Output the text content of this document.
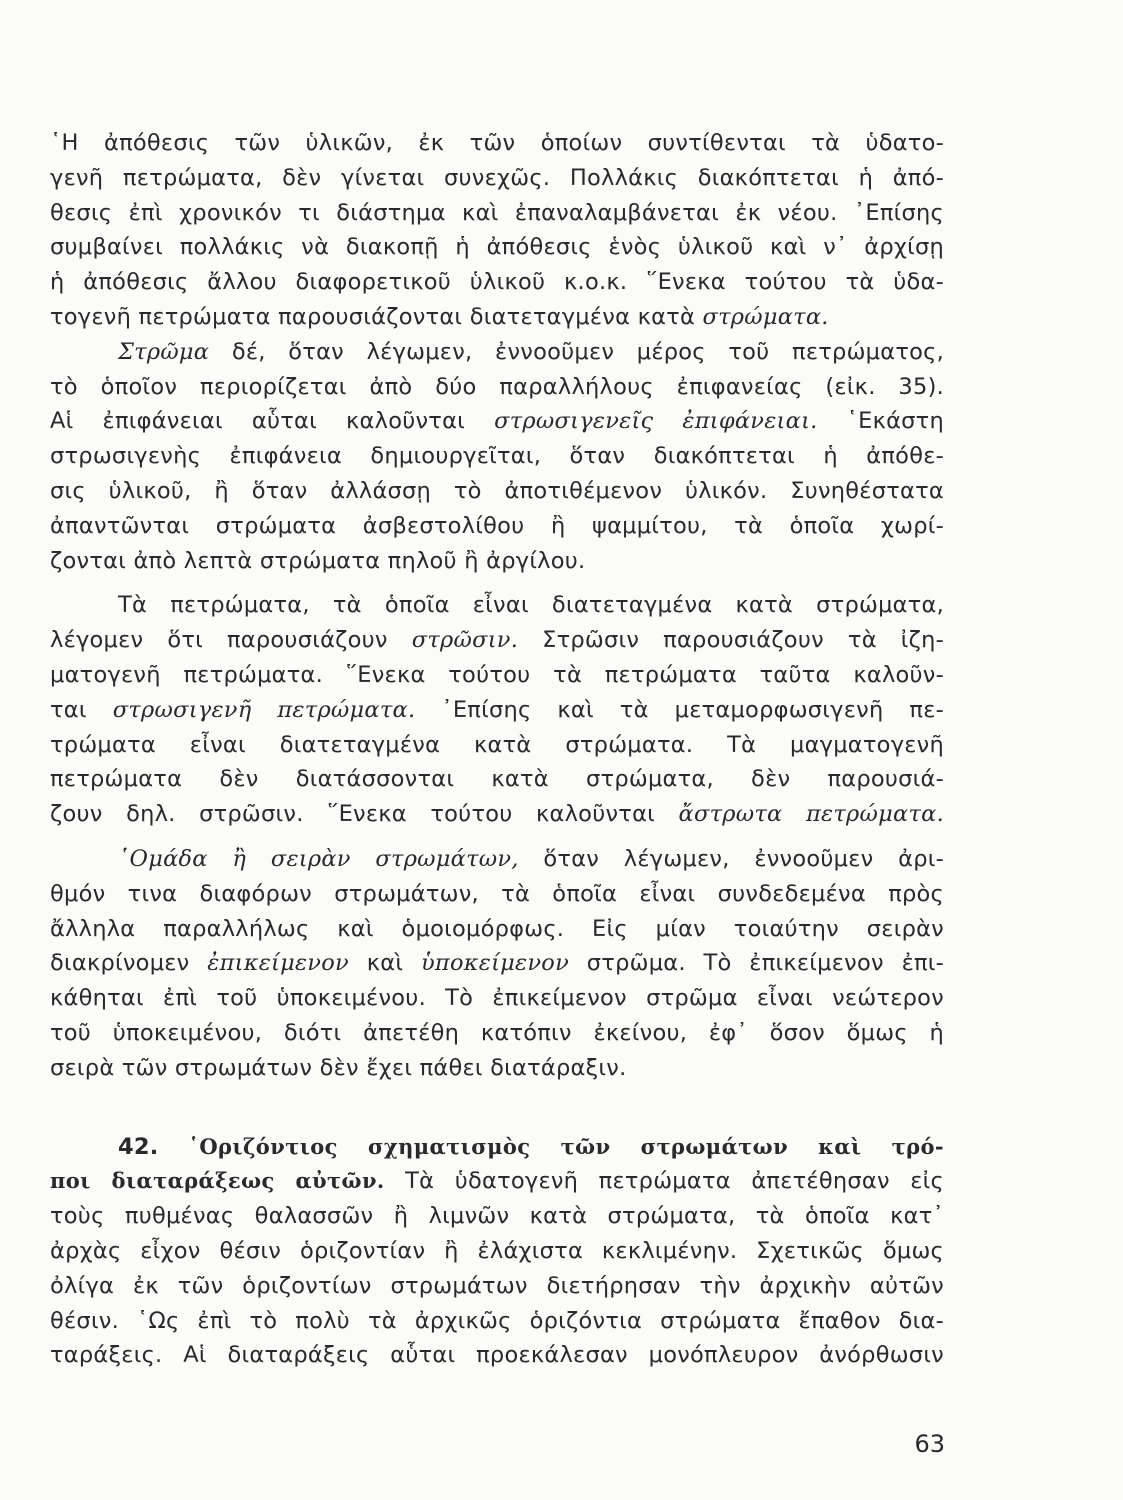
῾Η ἀπόθεσις τῶν ὑλικῶν, ἐκ τῶν ὁποίων συντίθενται τὰ ὑδατο-
γενῆ πετρώματα, δὲν γίνεται συνεχῶς. Πολλάκις διακόπτεται ἡ ἀπό-
θεσις ἐπὶ χρονικόν τι διάστημα καὶ ἐπαναλαμβάνεται ἐκ νέου. ᾿Επίσης
συμβαίνει πολλάκις νὰ διακοπῇ ἡ ἀπόθεσις ἑνὸς ὑλικοῦ καὶ ν᾿ ἀρχίσῃ
ἡ ἀπόθεσις ἄλλου διαφορετικοῦ ὑλικοῦ κ.ο.κ. ῞Ενεκα τούτου τὰ ὑδα-
τογενῆ πετρώματα παρουσιάζονται διατεταγμένα κατὰ στρώματα.
Στρῶμα δέ, ὅταν λέγωμεν, ἐννοοῦμεν μέρος τοῦ πετρώματος,
τὸ ὁποῖον περιορίζεται ἀπὸ δύο παραλλήλους ἐπιφανείας (εἰκ. 35).
Αἱ ἐπιφάνειαι αὗται καλοῦνται στρωσιγενεῖς ἐπιφάνειαι. ῾Εκάστη
στρωσιγενὴς ἐπιφάνεια δημιουργεῖται, ὅταν διακόπτεται ἡ ἀπόθε-
σις ὑλικοῦ, ἢ ὅταν ἀλλάσσῃ τὸ ἀποτιθέμενον ὑλικόν. Συνηθέστατα
ἀπαντῶνται στρώματα ἀσβεστολίθου ἢ ψαμμίτου, τὰ ὁποῖα χωρί-
ζονται ἀπὸ λεπτὰ στρώματα πηλοῦ ἢ ἀργίλου.
Τὰ πετρώματα, τὰ ὁποῖα εἶναι διατεταγμένα κατὰ στρώματα,
λέγομεν ὅτι παρουσιάζουν στρῶσιν. Στρῶσιν παρουσιάζουν τὰ ἰζη-
ματογενῆ πετρώματα. ῞Ενεκα τούτου τὰ πετρώματα ταῦτα καλοῦν-
ται στρωσιγενῆ πετρώματα. ᾿Επίσης καὶ τὰ μεταμορφωσιγενῆ πε-
τρώματα εἶναι διατεταγμένα κατὰ στρώματα. Τὰ μαγματογενῆ
πετρώματα δὲν διατάσσονται κατὰ στρώματα, δὲν παρουσιά-
ζουν δηλ. στρῶσιν. ῞Ενεκα τούτου καλοῦνται ἄστρωτα πετρώματα.
῾Ομάδα ἢ σειρὰν στρωμάτων, ὅταν λέγωμεν, ἐννοοῦμεν ἀρι-
θμόν τινα διαφόρων στρωμάτων, τὰ ὁποῖα εἶναι συνδεδεμένα πρὸς
ἄλληλα παραλλήλως καὶ ὁμοιομόρφως. Εἰς μίαν τοιαύτην σειρὰν
διακρίνομεν ἐπικείμενον καὶ ὑποκείμενον στρῶμα. Τὸ ἐπικείμενον ἐπι-
κάθηται ἐπὶ τοῦ ὑποκειμένου. Τὸ ἐπικείμενον στρῶμα εἶναι νεώτερον
τοῦ ὑποκειμένου, διότι ἀπετέθη κατόπιν ἐκείνου, ἐφ᾿ ὅσον ὅμως ἡ
σειρὰ τῶν στρωμάτων δὲν ἔχει πάθει διατάραξιν.
42. ῾Οριζόντιος σχηματισμὸς τῶν στρωμάτων καὶ τρό-
ποι διαταράξεως αὐτῶν. Τὰ ὑδατογενῆ πετρώματα ἀπετέθησαν εἰς
τοὺς πυθμένας θαλασσῶν ἢ λιμνῶν κατὰ στρώματα, τὰ ὁποῖα κατ᾿
ἀρχὰς εἶχον θέσιν ὁριζοντίαν ἢ ἐλάχιστα κεκλιμένην. Σχετικῶς ὅμως
ὀλίγα ἐκ τῶν ὁριζοντίων στρωμάτων διετήρησαν τὴν ἀρχικὴν αὐτῶν
θέσιν. ῾Ως ἐπὶ τὸ πολὺ τὰ ἀρχικῶς ὁριζόντια στρώματα ἔπαθον δια-
ταράξεις. Αἱ διαταράξεις αὗται προεκάλεσαν μονόπλευρον ἀνόρθωσιν
63
